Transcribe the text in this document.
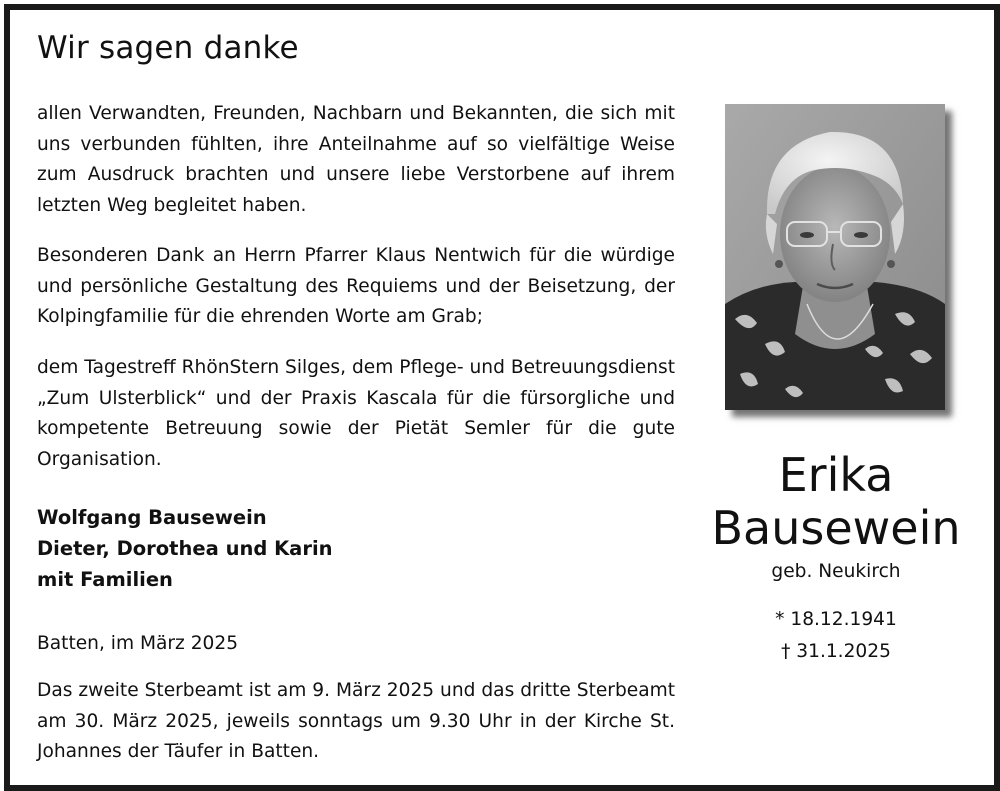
Wir sagen danke

allen Verwandten, Freunden, Nachbarn und Bekannten, die sich mit uns verbunden fühlten, ihre Anteilnahme auf so vielfältige Weise zum Ausdruck brachten und unsere liebe Verstorbene auf ihrem letzten Weg begleitet haben.

Besonderen Dank an Herrn Pfarrer Klaus Nentwich für die würdige und persönliche Gestaltung des Requiems und der Beisetzung, der Kolpingfamilie für die ehrenden Worte am Grab;

dem Tagestreff RhönStern Silges, dem Pflege- und Betreuungsdienst „Zum Ulsterblick“ und der Praxis Kascala für die fürsorgliche und kompetente Betreuung sowie der Pietät Semler für die gute Organisation.

Wolfgang Bausewein
Dieter, Dorothea und Karin
mit Familien
Batten, im März 2025

Das zweite Sterbeamt ist am 9. März 2025 und das dritte Sterbeamt am 30. März 2025, jeweils sonntags um 9.30 Uhr in der Kirche St. Johannes der Täufer in Batten.

Erika
Bausewein
geb. Neukirch
* 18.12.1941
† 31.1.2025
